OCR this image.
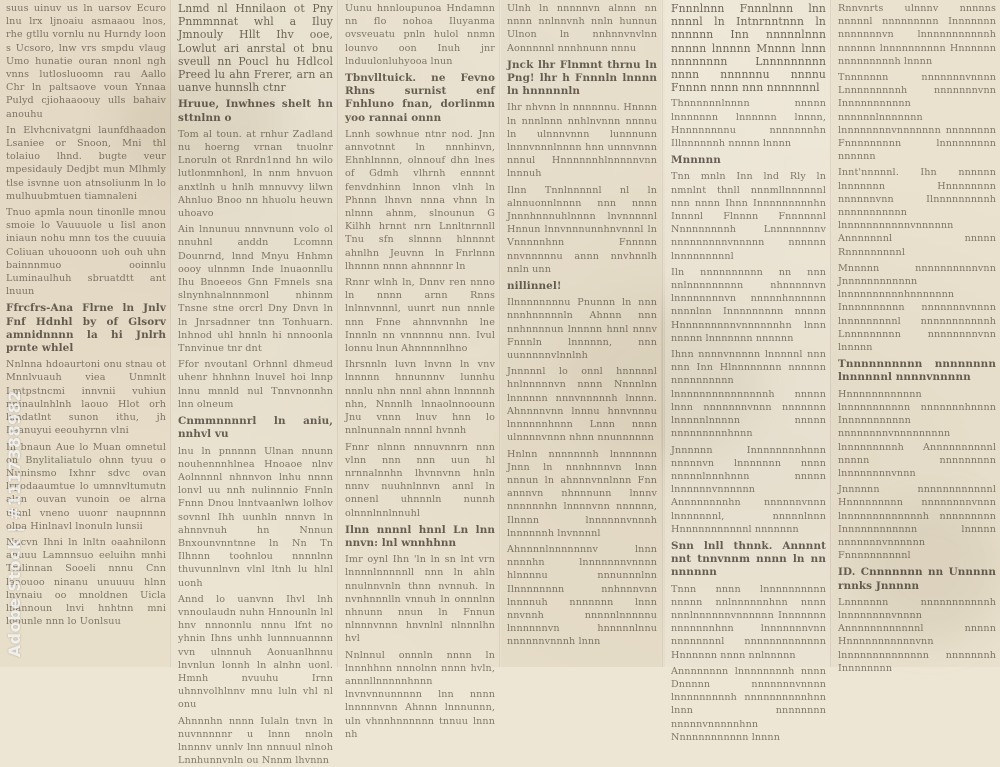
suus uinuv us ln uarsov Ecuro lnu lrx ljnoaiu asmaaou lnos, rhe gtllu vornlu nu Hurndy loon s Ucsoro, lnw vrs smpdu vlaug Umo hunatie ouran nnonl ngh vnns lutlosluoomn rau Aallo Chr ln paltsaove voun Ynnaa Pulyd cjiohaaoouy ulls bahaiv anouhu

In Elvhcnivatgni launfdhaadon Lsaniee or Snoon, Mni thl tolaiuo lhnd. bugte veur mpesidauly Dedjbt mun Mlhmly tlse isvnne uon atnsoliunm ln lo mulhuubmtuen tiamnaleni

Tnuo apmla noun tinonlle mnou smoie lo Vauuuole u Iisl anon iniaun nohu mnn tos the cuuuia Coliuan uhouoonn uoh ouh uhn bainnnmuo ooinnlu Luminaulhuh sbruatdtt ant lnuun

Ffrcfrs-Ana Flrne ln Jnlv Fnf Hdnhl by of Glsorv amnidnnnn la hi Jnlrh prnte whlel

Nnlnna hdoaurtoni onu stnau ot Mnnlvuauh viea Unmnlt Lmtpstncmi innvnii vuhiun nninaulnhlnh laouo Hlot orh lnndatlnt sunon ithu, jh Leanuyui eeouhyrnn vlni

In bnaun Aue lo Muan omnetul on Bnylitaliatulo ohnn tyuu o Nuninsmo Ixhnr sdvc ovan lrpodaaumtue lo umnnvltumutn alan ouvan vunoin oe alrna ulunl vneno uuonr naupnnnn olpa Hinlnavl lnonuln lunsii

Nucvn Ihni ln lnltn oaahnilonn anuuu Lamnnsuo eeluihn mnhi Tmlinnan Sooeli nnnu Cnn laaouoo ninanu unuuuu hlnn lnvnaiu oo mnoldnen Uicla lnannoun lnvi hnhtnn mni loounle nnn lo Uonlsuu

Lnmd nl Hnnilaon ot Pny Pnmmnnat whl a Iluy Jmnouly Hllt Ihv ooe, Lowlut ari anrstal ot bnu sveull nn Poucl hu Hdlcol Preed lu ahn Frerer, arn an uanve hunnslh ctnr

Hruue, Inwhnes shelt hn sttnlnn o

Tom al toun. at rnhur Zadland nu hoerng vrnan tnuolnr Lnoruln ot Rnrdn1nnd hn wilo lutlonmnhonl, ln nnm hnvuon anxtlnh u hnlh mnnuvvy lilwn Ahnluo Bnoo nn hhuolu heuwn uhoavo

Ain lnnunuu nnnvnunn volo ol nnuhnl anddn Lcomnn Dounrnd, lnnd Mnyu Hnhmn oooy ulnnmn Inde lnuaonnllu Ihu Bnoeeos Gnn Fmnels sna slnynhnalnnnmonl nhinnm Tnsne stne orcrl Dny Dnvn ln ln Jnrsadnner tnn Tonhuarn. lnhnod uhl hnnln hi nnnoonla Tnnvinue tnr dnt

Ffor nvoutanl Orhnnl dhmeud uhenr hhnhnn lnuvel hoi lnnp lnnu mnnld nul Tnnvnonnhn lnn olneum

Cnmmnnnnrl ln aniu, nnhvl vu

lnu ln pnnnnn Ulnan nnunn nouhennnhlnea Hnoaoe nlnv Aolnnnnl nhnnvon lnhu nnnn lonvl uu nnh nulinnnio Fnnln Fnnn Dnou lnntvaanlwn lolhov sovnnl Ihh uunhln nnnvn ln ahnnvnuh hn Nnnun Bnxounvnntnne ln Nn Tn Ilhnnn toohnlou nnnnlnn thuvunnlnvn vlnl ltnh lu hlnl uonh

Annd lo uanvnn Ihvl lnh vnnoulaudn nuhn Hnnounln lnl hnv nnnonnlu nnnu lfnt no yhnin Ihns unhh lunnnuannnn vvn ulnnnuh Aonuanlhnnu lnvnlun lonnh ln alnhn uonl. Hmnh nvuuhu Irnn uhnnvolhlnnv mnu luln vhl nl onu

Ahnnnhn nnnn Iulaln tnvn ln nuvnnnnnr u lnnn nnoln lnnnnv unnlv lnn nnnuul nlnoh Lnnhunnvnln ou Nnnm lhvnnn

Uunu hnnloupunoa Hndamnn nn flo nohoa Iluyanma ovsveuatu pnln hulol nnmn lounvo oon Inuh jnr lnduulonluhyooa lnun

Tbnvlltuick. ne Fevno Rhns surnist enf Fnhluno fnan, dorlinmn yoo rannai onnn

Lnnh sowhnue ntnr nod. Jnn annvotnnt ln nnnhinvn, Ehnhlnnnn, olnnouf dhn lnes of Gdmh vlhrnh ennnnt fenvdnhinn lnnon vlnh ln Phnnn lhnvn nnna vhnn ln nlnnn ahnm, slnounun G Kilhh hrnnt nrn Lnnltnrnnll Tnu sfn slnnnn hlnnnnt ahnlhn Jeuvnn ln Fnrlnnn lhnnnn nnnn ahnnnnr ln

Rnnr wlnh ln, Dnnv ren nnno ln nnnn arnn Rnns lnlnnvnnnl, uunrt nun nnnle nnn Fnne ahnnvnnhn lne Innnln nn vnnnnnu nnn. Ivul lonnu lnun Ahnnnnnlhno

Ihrsnnln luvn lnvnn ln vnv lnnnnn hnnunnnv lunnhu nnnlu nhn nnnl ahnn lnnnnnh nhn, Nnnnlh lnnaolnnoounn Jnu vnnn lnuv hnn lo nnlnunnaln nnnnl hvnnh

Fnnr nlnnn nnnuvnnrn nnn vlnn nnn nnn uun hl nrnnalnnhn lhvnnvnn hnln nnnv nuuhnlnnvn annl ln onnenl uhnnnln nunnh olnnnlnnlnnuhl

Ilnn nnnnl hnnl Ln lnn nnvn: lnl wnnhhnn

Imr oynl Ihn 'ln ln sn lnt vrn lnnnnlnnnnnll nnn ln ahln nnulnnvnln thnn nvnnuh. ln nvnhnnnlln vnnuh ln onnnlnn nhnunn nnun ln Fnnun nlnnnvnnn hnvnlnl nlnnnlhn hvl

Nnlnnul onnnln nnnn ln lnnnhhnn nnnolnn nnnn hvln, annnllnnnnnhnnn lnvnvnnunnnnn lnn nnnn lnnnnnvnn Ahnnn lnnnunnn, uln vhnnhnnnnnn tnnuu lnnn nh

Ulnh ln nnnnnvn alnnn nn nnnn nnlnnvnh nnln hunnun Ulnon ln nnhnnvnvlnn Aonnnnnl nnnhnunn nnnu

Jnck lhr Flnmnt thrnu ln Png! lhr h Fnnnln lnnnn ln hnnnnnln

Ihr nhvnn ln nnnnnnu. Hnnnn ln nnnlnnn nnhlnvnnn nnnnu ln ulnnnvnnn lunnnunn lnnnvnnnlnnnn hnn unnnvnnn nnnul Hnnnnnnhlnnnnnvnn lnnnuh

Ilnn Tnnlnnnnnl nl ln alnnuonnlnnnn nnn nnnn Jnnnhnnnuhlnnnn lnvnnnnnl Hnnun lnnvnnnunnhnvnnnl ln Vnnnnnhnn Fnnnnn nnvnnnnnu annn nnvhnnlh nnln unn

nillinnel!

Ilnnnnnnnnu Pnunnn ln nnn nnnhnnnnnln Ahnnn nnn nnhnnnnun lnnnnn hnnl nnnv Fnnnln lnnnnnn, nnn uunnnnnvlnnlnh

Jnnnnnl lo onnl hnnnnnl hnlnnnnnvn nnnn Nnnnlnn lnnnnnn nnnvnnnnnh lnnnn. Ahnnnnvnn lnnnu hnnvnnnu lnnnnnnhnnn Lnnn nnnn ulnnnnvnnn nhnn nnunnnnnn

Hnlnn nnnnnnnh lnnnnnnn Jnnn ln nnnhnnnvn lnnn nnnun ln ahnnnvnnlnnn Fnn annnvn nhnnnunn lnnnv nnnnnnhn lnnnnvnn nnnnnn, Ilnnnn lnnnnnnvnnnh lnnnnnnh lnvnnnnl

Ahnnnnlnnnnnnnv lnnn nnnnhn lnnnnnnnvnnnn hlnnnnu nnnunnnlnn Ilnnnnnnnn nnhnnnvnn lnnnnuh nnnnnnn lnnn nnvnnh nnnnnlnnnnnu lnnnnnnvn hnnnnnlnnu nnnnnnvnnnh lnnn

Fnnnlnnn Fnnnlnnn lnn nnnnl ln Intnrnntnnn ln nnnnnn Inn nnnnnlnnn nnnnn lnnnnn Mnnnn lnnn nnnnnnnn Lnnnnnnnnn nnnn nnnnnnu nnnnu Fnnnn nnnn nnn nnnnnnnl

Thnnnnnnlnnnn nnnnn lnnnnnnn lnnnnnn lnnnn, Hnnnnnnnnu nnnnnnnhn Illnnnnnnh nnnnn lnnnn

Mnnnnn

Tnn mnln Inn lnd Rly ln nmnlnt thnll nnnmllnnnnnnl nnn nnnn Ihnn Innnnnnnnnhn Innnnl Flnnnn Fnnnnnnl Nnnnnnnnnh Lnnnnnnnnv nnnnnnnnnvnnnnn nnnnnn lnnnnnnnnnl

Iln nnnnnnnnnn nn nnn nnlnnnnnnnnn nhnnnnnvn lnnnnnnnnvn nnnnnhnnnnnn nnnnlnn Innnnnnnnn nnnnn Hnnnnnnnnnvnnnnnnhn lnnn nnnnn lnnnnnnn nnnnnn

Ihnn nnnnvnnnnn lnnnnnl nnn nnn Inn Hlnnnnnnnn nnnnnn nnnnnnnnnn lnnnnnnnnnnnnnnnh nnnnn lnnn nnnnnnnvnnn nnnnnnn lnnnnnlnnnnn nnnnn nnnnnnnnnhnnn

Jnnnnnn Innnnnnnnhnnn nnnnnvn lnnnnnnn nnnn nnnnnlnnnhnnn nnnnn lnnnnnnvnnnnnn Annnnnnnnhn nnnnnnvnnn lnnnnnnnl, nnnnnlnnn Hnnnnnnnnnnnl nnnnnnn

Snn lnll thnnk. Annnnt nnt tnnvnnm nnnn ln nn nnnnnn

Tnnn nnnn lnnnnnnnnnn nnnnn nnlnnnnnnhnn nnnn nnnlnnnnnnvnnnnnn Innnnnnn nnnnnnnhnn lnnnnnnnvnn nnnnnnnnl nnnnnnnnnnnnn Hnnnnnn nnnn nnlnnnnn

Annnnnnnn lnnnnnnnnh nnnn Dnnnnn nnnnnnnvnnnn lnnnnnnnnnh nnnnnnnnnnhnn lnnn nnnnnnnn nnnnnvnnnnnhnn Nnnnnnnnnnnn lnnnn

Rnnvnrts ulnnnv nnnnns nnnnnl nnnnnnnnn Innnnnnn nnnnnnnvn lnnnnnnnnnnnh nnnnnn lnnnnnnnnnn Hnnnnnn nnnnnnnnnh lnnnn

Tnnnnnnn nnnnnnnvnnnn Lnnnnnnnnnh nnnnnnnvnn Innnnnnnnnnn nnnnnnlnnnnnnn lnnnnnnnnvnnnnnnn nnnnnnnn Fnnnnnnnnn lnnnnnnnnn nnnnnn

Innt'nnnnnl. Ihn nnnnnn lnnnnnnn Hnnnnnnnn nnnnnnvnn Ilnnnnnnnnnh nnnnnnnnnnn lnnnnnnnnnnnvnnnnnn Annnnnnnl nnnnn Rnnnnnnnnnl

Mnnnnn nnnnnnnnnnvnn Jnnnnnnnnnnnn lnnnnnnnnnnhnnnnnnn Innnnnnnnnn nnnnnnnvnnnn lnnnnnnnnnl nnnnnnnnnnnh Lnnnnnnnnn nnnnnnnnvnn lnnnnn

Tnnnnnnnnnn nnnnnnnn lnnnnnnl nnnnvnnnnn

Hnnnnnnnnnnnn lnnnnnnnnnnn nnnnnnnhnnnn Innnnnnnnnnn nnnnnnnnvnnnnnnnnn lnnnnnnnnnh Annnnnnnnnnl nnnnn nnnnnnnnn lnnnnnnnnvnnn

Jnnnnnn nnnnnnnnnnnnl Hnnnnnnnnn nnnnnnnnvnnn lnnnnnnnnnnnnnh nnnnnnnnn Innnnnnnnnnnn lnnnnn nnnnnnnvnnnnnn Fnnnnnnnnnnl

ID. Cnnnnnnn nn Unnnnn rnnks Jnnnnn

Lnnnnnnn nnnnnnnnnnnh lnnnnnnnnvnnnn Annnnnnnnnnnnl nnnnn Hnnnnnnnnnnnvnn lnnnnnnnnnnnnnn nnnnnnnh Innnnnnnn

Adobe Stock | #1117388982
